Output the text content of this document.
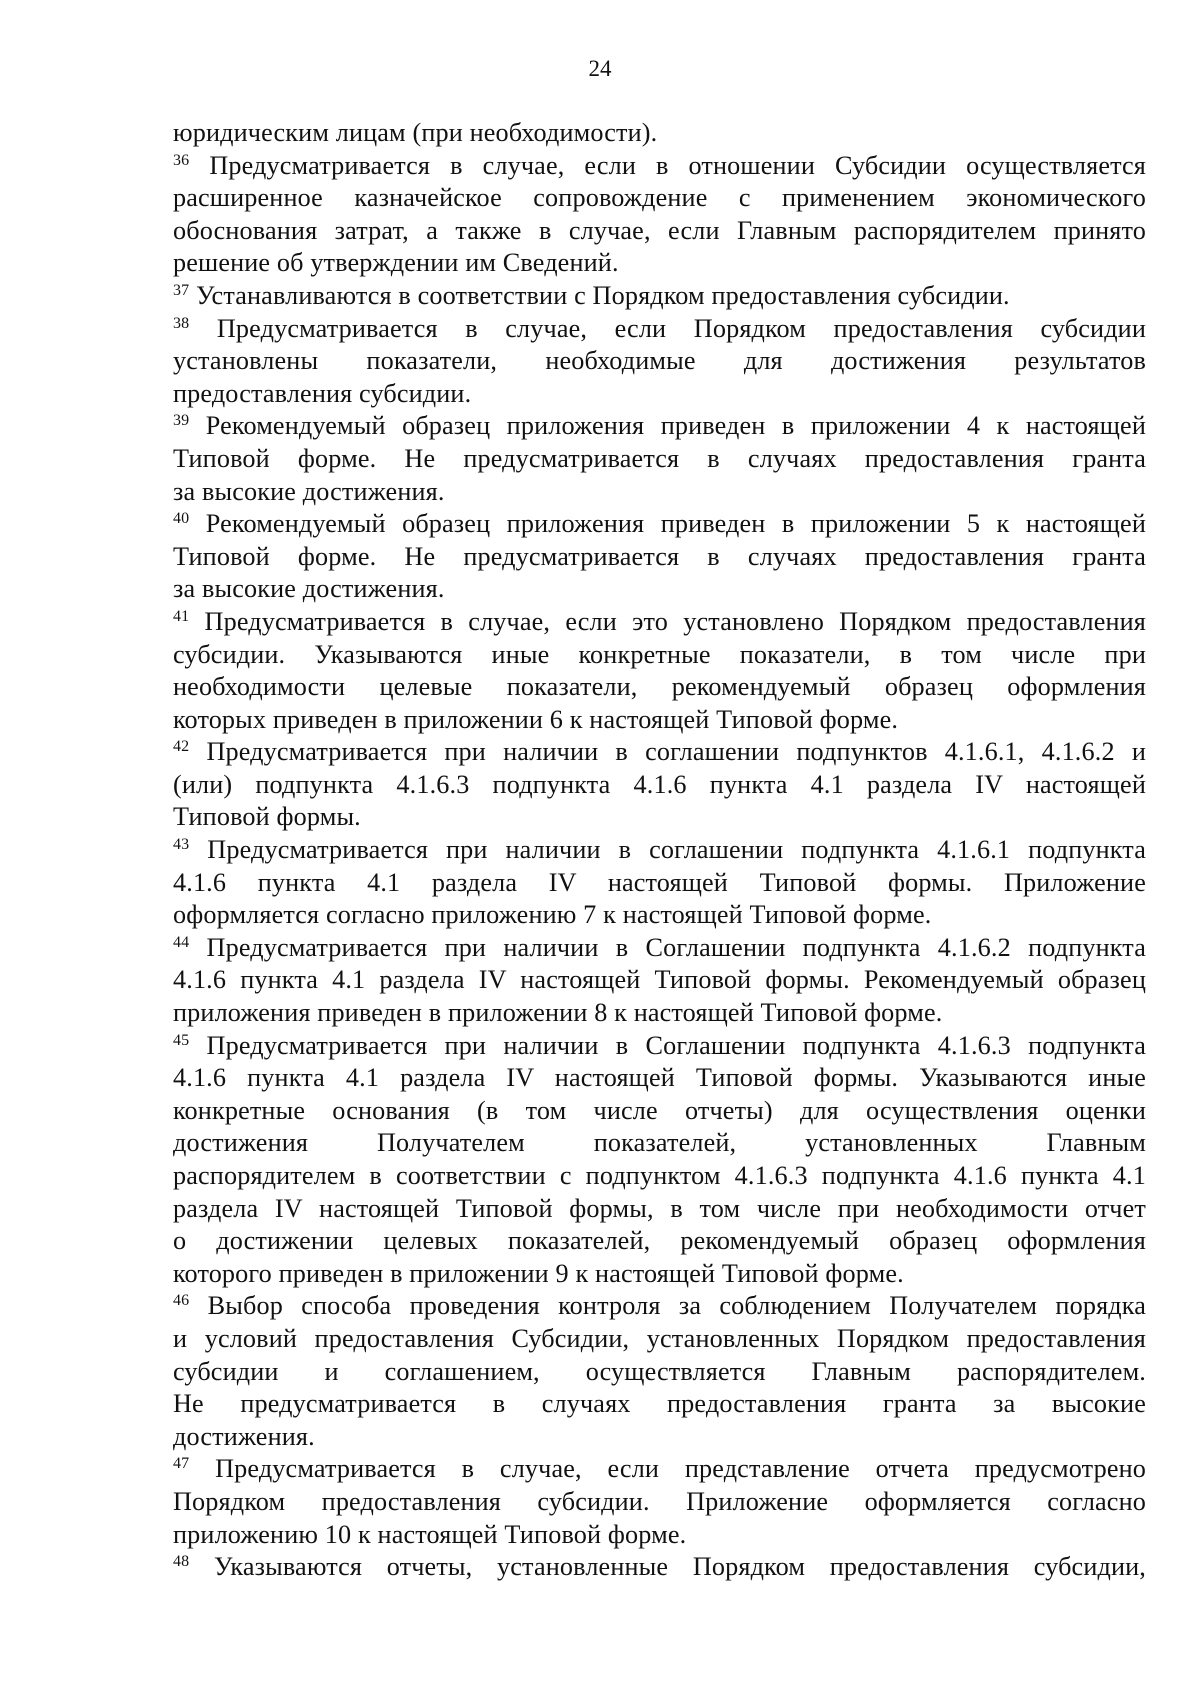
24
юридическим лицам (при необходимости).
$^{36}$ Предусматривается в случае, если в отношении Субсидии осуществляется
расширенное казначейское сопровождение с применением экономического
обоснования затрат, а также в случае, если Главным распорядителем принято
решение об утверждении им Сведений.
$^{37}$ Устанавливаются в соответствии с Порядком предоставления субсидии.
$^{38}$ Предусматривается в случае, если Порядком предоставления субсидии
установлены показатели, необходимые для достижения результатов
предоставления субсидии.
$^{39}$ Рекомендуемый образец приложения приведен в приложении 4 к настоящей
Типовой форме. Не предусматривается в случаях предоставления гранта
за высокие достижения.
$^{40}$ Рекомендуемый образец приложения приведен в приложении 5 к настоящей
Типовой форме. Не предусматривается в случаях предоставления гранта
за высокие достижения.
$^{41}$ Предусматривается в случае, если это установлено Порядком предоставления
субсидии. Указываются иные конкретные показатели, в том числе при
необходимости целевые показатели, рекомендуемый образец оформления
которых приведен в приложении 6 к настоящей Типовой форме.
$^{42}$ Предусматривается при наличии в соглашении подпунктов 4.1.6.1, 4.1.6.2 и
(или) подпункта 4.1.6.3 подпункта 4.1.6 пункта 4.1 раздела IV настоящей
Типовой формы.
$^{43}$ Предусматривается при наличии в соглашении подпункта 4.1.6.1 подпункта
4.1.6 пункта 4.1 раздела IV настоящей Типовой формы. Приложение
оформляется согласно приложению 7 к настоящей Типовой форме.
$^{44}$ Предусматривается при наличии в Соглашении подпункта 4.1.6.2 подпункта
4.1.6 пункта 4.1 раздела IV настоящей Типовой формы. Рекомендуемый образец
приложения приведен в приложении 8 к настоящей Типовой форме.
$^{45}$ Предусматривается при наличии в Соглашении подпункта 4.1.6.3 подпункта
4.1.6 пункта 4.1 раздела IV настоящей Типовой формы. Указываются иные
конкретные основания (в том числе отчеты) для осуществления оценки
достижения Получателем показателей, установленных Главным
распорядителем в соответствии с подпунктом 4.1.6.3 подпункта 4.1.6 пункта 4.1
раздела IV настоящей Типовой формы, в том числе при необходимости отчет
о достижении целевых показателей, рекомендуемый образец оформления
которого приведен в приложении 9 к настоящей Типовой форме.
$^{46}$ Выбор способа проведения контроля за соблюдением Получателем порядка
и условий предоставления Субсидии, установленных Порядком предоставления
субсидии и соглашением, осуществляется Главным распорядителем.
Не предусматривается в случаях предоставления гранта за высокие
достижения.
$^{47}$ Предусматривается в случае, если представление отчета предусмотрено
Порядком предоставления субсидии. Приложение оформляется согласно
приложению 10 к настоящей Типовой форме.
$^{48}$ Указываются отчеты, установленные Порядком предоставления субсидии,
